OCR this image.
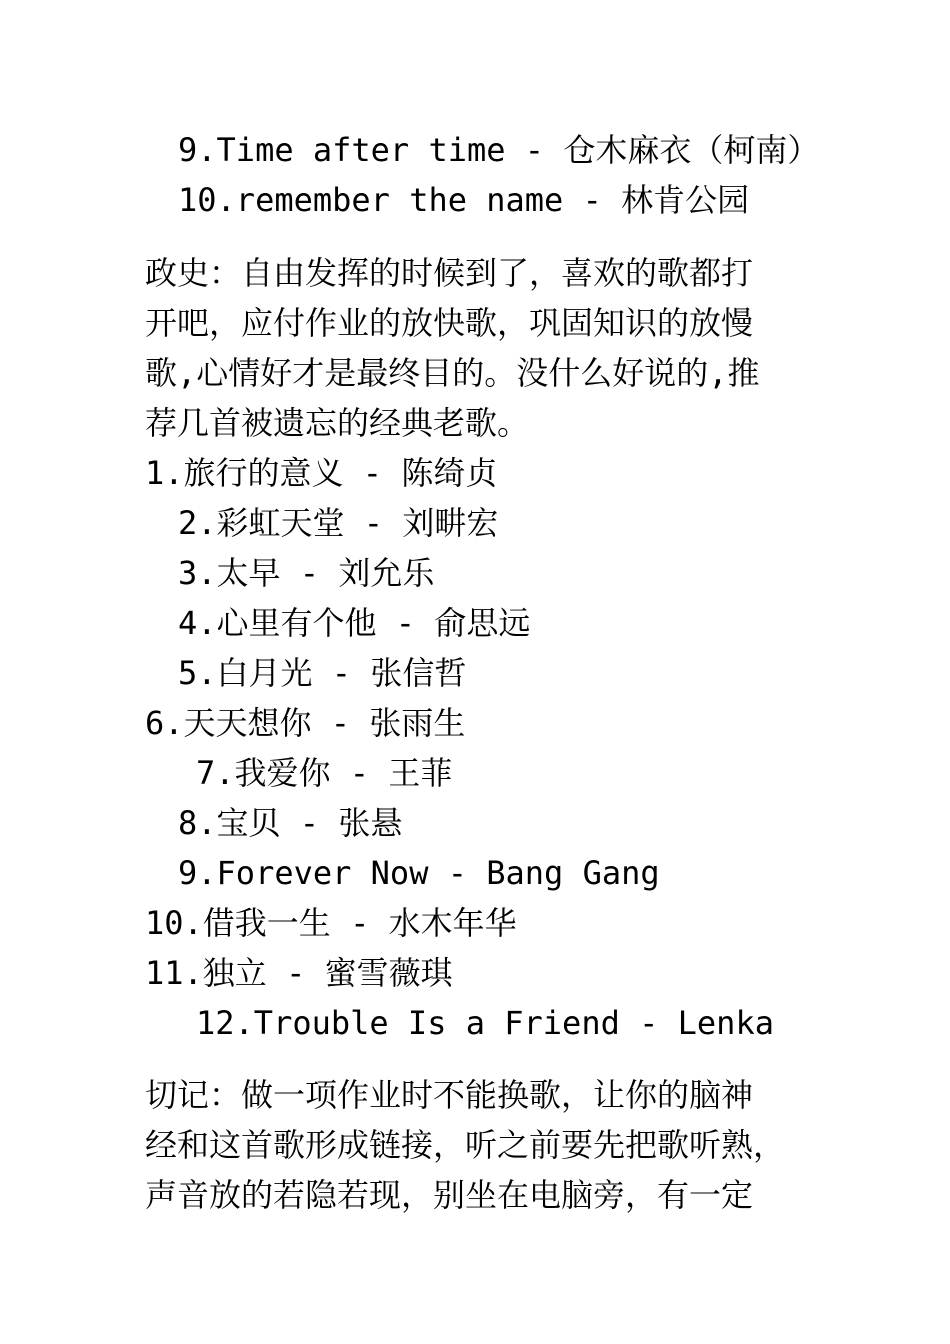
9.Time after time - 仓木麻衣（柯南）
10.remember the name - 林肯公园
政史：自由发挥的时候到了，喜欢的歌都打
开吧，应付作业的放快歌，巩固知识的放慢
歌,心情好才是最终目的。没什么好说的,推
荐几首被遗忘的经典老歌。
1.旅行的意义 - 陈绮贞
2.彩虹天堂 - 刘畊宏
3.太早 - 刘允乐
4.心里有个他 - 俞思远
5.白月光 - 张信哲
6.天天想你 - 张雨生
7.我爱你 - 王菲
8.宝贝 - 张悬
9.Forever Now - Bang Gang
10.借我一生 - 水木年华
11.独立 - 蜜雪薇琪
12.Trouble Is a Friend - Lenka
切记：做一项作业时不能换歌，让你的脑神
经和这首歌形成链接，听之前要先把歌听熟，
声音放的若隐若现，别坐在电脑旁，有一定
